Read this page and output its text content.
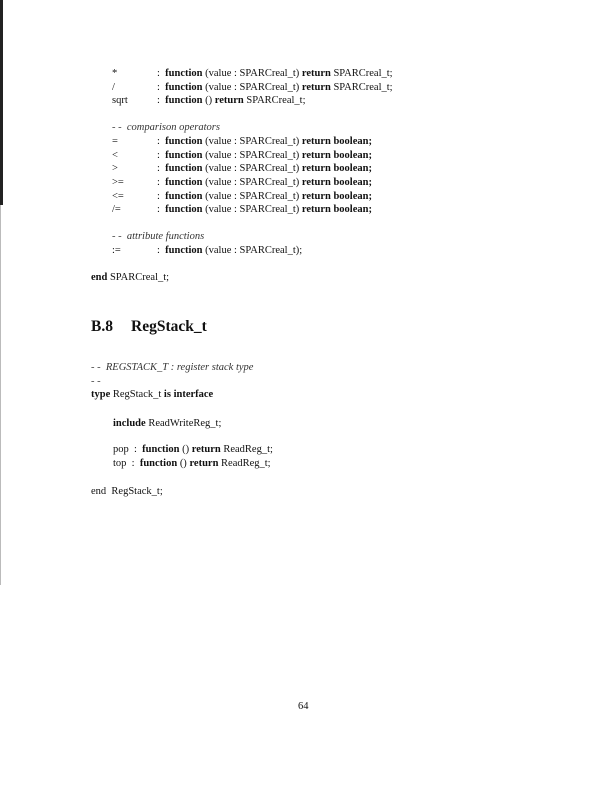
*	: function (value : SPARCreal_t) return SPARCreal_t;
/	: function (value : SPARCreal_t) return SPARCreal_t;
sqrt	: function () return SPARCreal_t;
- - comparison operators
=	: function (value : SPARCreal_t) return boolean;
<	: function (value : SPARCreal_t) return boolean;
>	: function (value : SPARCreal_t) return boolean;
>=	: function (value : SPARCreal_t) return boolean;
<=	: function (value : SPARCreal_t) return boolean;
/=	: function (value : SPARCreal_t) return boolean;
- - attribute functions
:=	: function (value : SPARCreal_t);
end SPARCreal_t;
B.8 RegStack_t
- - REGSTACK_T : register stack type
- -
type RegStack_t is interface
include ReadWriteReg_t;
pop : function () return ReadReg_t;
top : function () return ReadReg_t;
end RegStack_t;
64
